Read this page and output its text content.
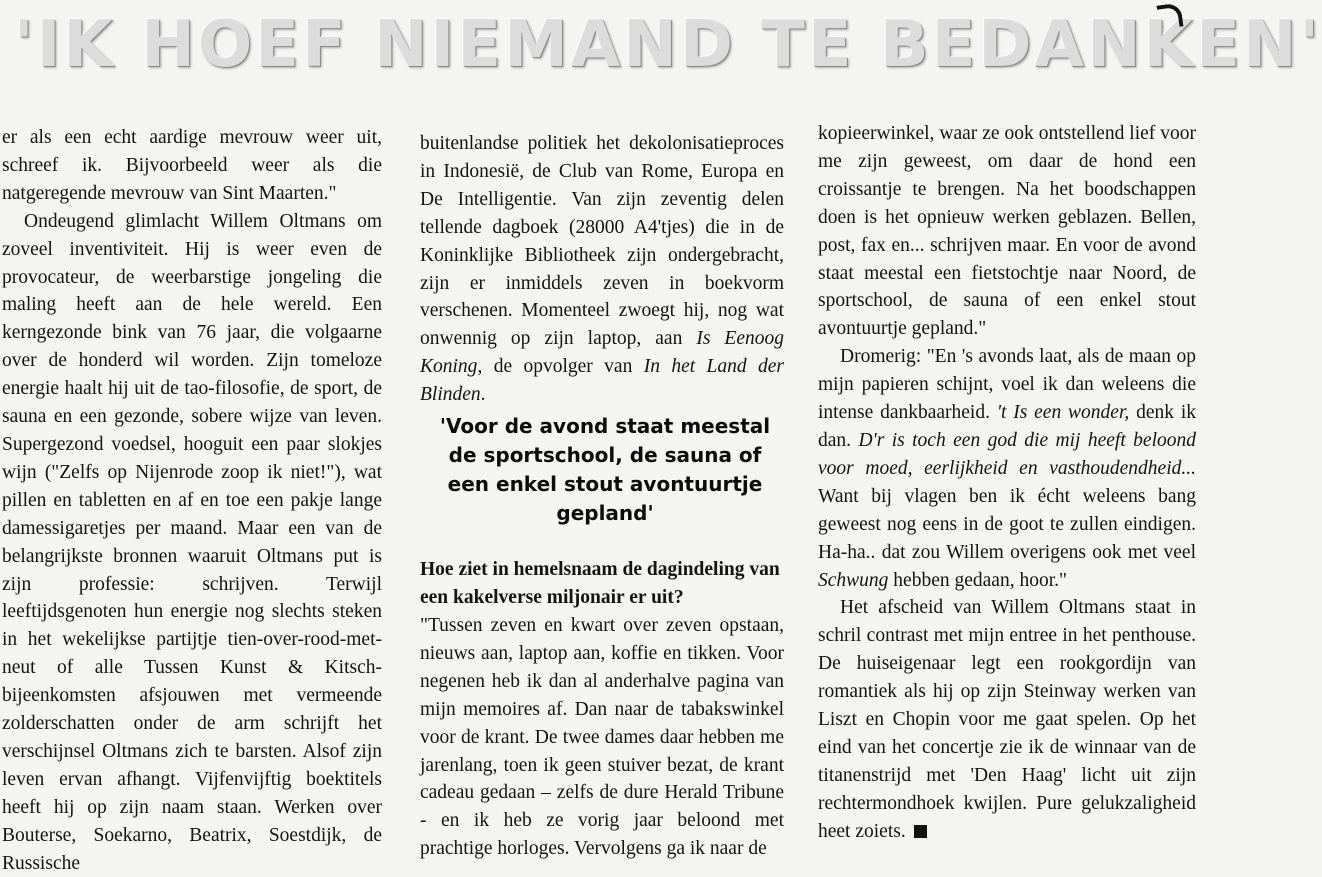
'IK HOEF NIEMAND TE BEDANKEN'

er als een echt aardige mevrouw weer uit, schreef ik. Bijvoorbeeld weer als die natgeregende mevrouw van Sint Maarten."

Ondeugend glimlacht Willem Oltmans om zoveel inventiviteit. Hij is weer even de provocateur, de weerbarstige jongeling die maling heeft aan de hele wereld. Een kerngezonde bink van 76 jaar, die volgaarne over de honderd wil worden. Zijn tomeloze energie haalt hij uit de tao-filosofie, de sport, de sauna en een gezonde, sobere wijze van leven. Supergezond voedsel, hooguit een paar slokjes wijn ("Zelfs op Nijenrode zoop ik niet!"), wat pillen en tabletten en af en toe een pakje lange damessigaretjes per maand. Maar een van de belangrijkste bronnen waaruit Oltmans put is zijn professie: schrijven. Terwijl leeftijdsgenoten hun energie nog slechts steken in het wekelijkse partijtje tien-over-rood-met-neut of alle Tussen Kunst & Kitsch-bijeenkomsten afsjouwen met vermeende zolderschatten onder de arm schrijft het verschijnsel Oltmans zich te barsten. Alsof zijn leven ervan afhangt. Vijfenvijftig boektitels heeft hij op zijn naam staan. Werken over Bouterse, Soekarno, Beatrix, Soestdijk, de Russische

buitenlandse politiek het dekolonisatieproces in Indonesië, de Club van Rome, Europa en De Intelligentie. Van zijn zeventig delen tellende dagboek (28000 A4'tjes) die in de Koninklijke Bibliotheek zijn ondergebracht, zijn er inmiddels zeven in boekvorm verschenen. Momenteel zwoegt hij, nog wat onwennig op zijn laptop, aan Is Eenoog Koning, de opvolger van In het Land der Blinden.

'Voor de avond staat meestal de sportschool, de sauna of een enkel stout avontuurtje gepland'
Hoe ziet in hemelsnaam de dagindeling van een kakelverse miljonair er uit?

"Tussen zeven en kwart over zeven opstaan, nieuws aan, laptop aan, koffie en tikken. Voor negenen heb ik dan al anderhalve pagina van mijn memoires af. Dan naar de tabakswinkel voor de krant. De twee dames daar hebben me jarenlang, toen ik geen stuiver bezat, de krant cadeau gedaan – zelfs de dure Herald Tribune - en ik heb ze vorig jaar beloond met prachtige horloges. Vervolgens ga ik naar de

kopieerwinkel, waar ze ook ontstellend lief voor me zijn geweest, om daar de hond een croissantje te brengen. Na het boodschappen doen is het opnieuw werken geblazen. Bellen, post, fax en... schrijven maar. En voor de avond staat meestal een fietstochtje naar Noord, de sportschool, de sauna of een enkel stout avontuurtje gepland."

Dromerig: "En 's avonds laat, als de maan op mijn papieren schijnt, voel ik dan weleens die intense dankbaarheid. 't Is een wonder, denk ik dan. D'r is toch een god die mij heeft beloond voor moed, eerlijkheid en vasthoudendheid... Want bij vlagen ben ik écht weleens bang geweest nog eens in de goot te zullen eindigen. Ha-ha.. dat zou Willem overigens ook met veel Schwung hebben gedaan, hoor."

Het afscheid van Willem Oltmans staat in schril contrast met mijn entree in het penthouse. De huiseigenaar legt een rookgordijn van romantiek als hij op zijn Steinway werken van Liszt en Chopin voor me gaat spelen. Op het eind van het concertje zie ik de winnaar van de titanenstrijd met 'Den Haag' licht uit zijn rechtermondhoek kwijlen. Pure gelukzaligheid heet zoiets.
